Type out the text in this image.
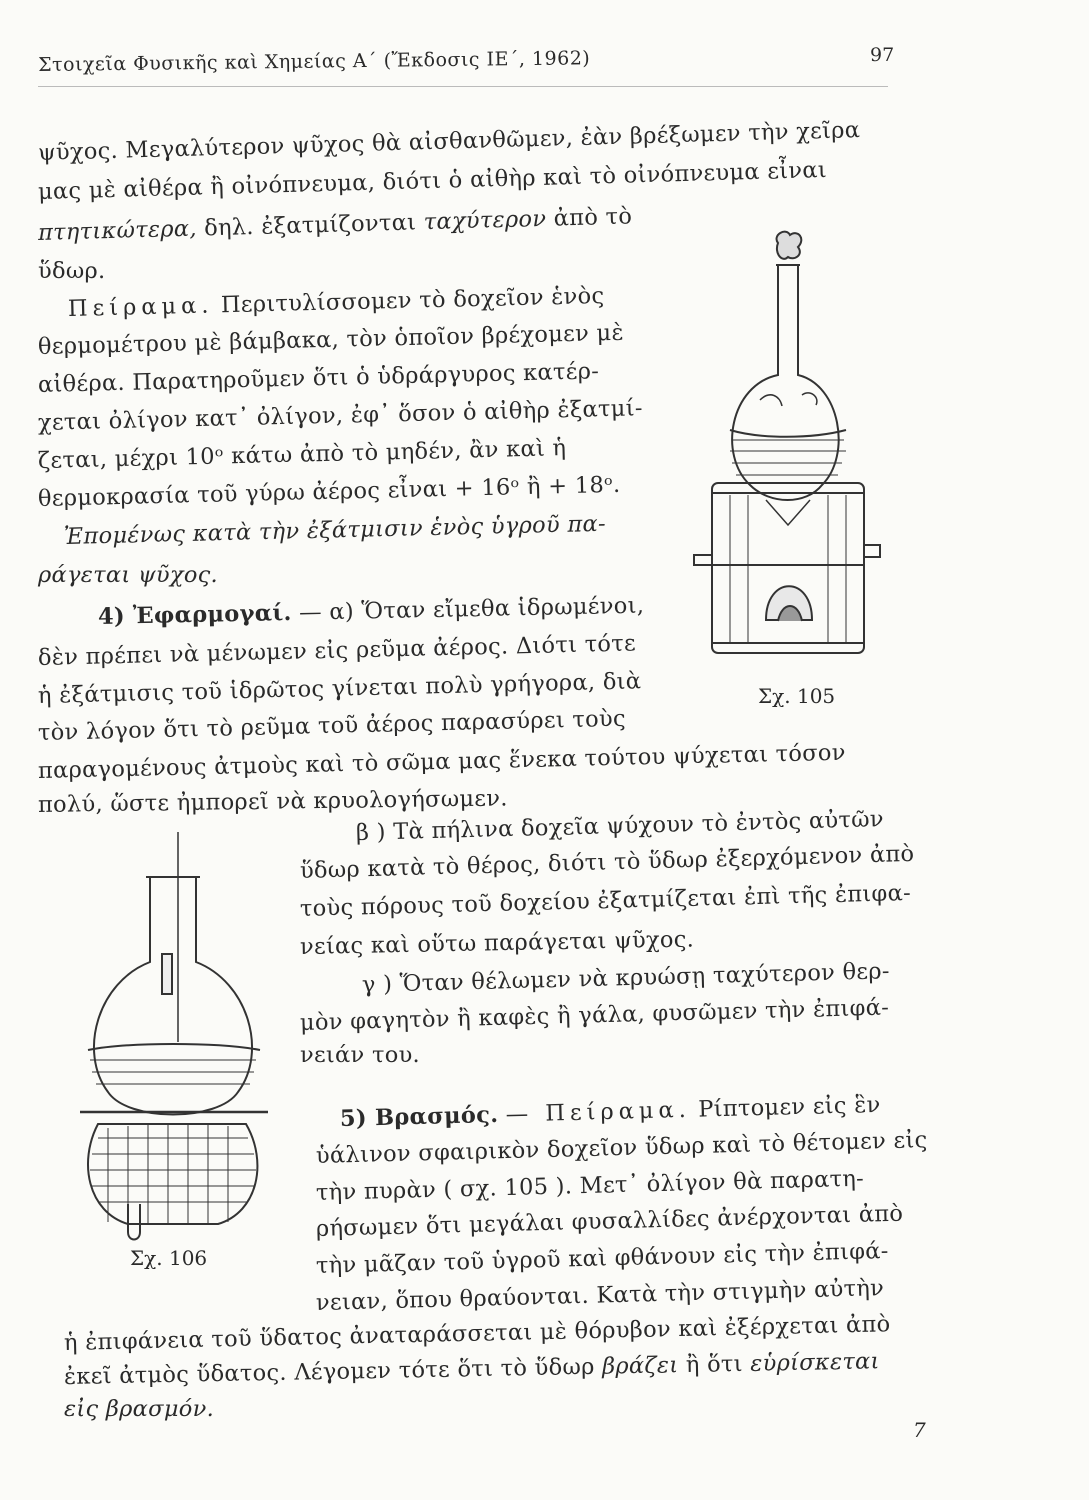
Στοιχεῖα Φυσικῆς καὶ Χημείας Α΄ (Ἔκδοσις ΙΕ΄, 1962)	97
ψῦχος. Μεγαλύτερον ψῦχος θὰ αἰσθανθῶμεν, ἐὰν βρέξωμεν τὴν χεῖρα
μας μὲ αἰθέρα ἢ οἰνόπνευμα, διότι ὁ αἰθὴρ καὶ τὸ οἰνόπνευμα εἶναι
πτητικώτερα, δηλ. ἐξατμίζονται ταχύτερον ἀπὸ τὸ
ὕδωρ.
Πείραμα. Περιτυλίσσομεν τὸ δοχεῖον ἑνὸς
θερμομέτρου μὲ βάμβακα, τὸν ὁποῖον βρέχομεν μὲ
αἰθέρα. Παρατηροῦμεν ὅτι ὁ ὑδράργυρος κατέρ-
χεται ὀλίγον κατ᾽ ὀλίγον, ἐφ᾽ ὅσον ὁ αἰθὴρ ἐξατμί-
ζεται, μέχρι 10ᵒ κάτω ἀπὸ τὸ μηδέν, ἂν καὶ ἡ
θερμοκρασία τοῦ γύρω ἀέρος εἶναι + 16ᵒ ἢ + 18ᵒ.
Ἐπομένως κατὰ τὴν ἐξάτμισιν ἑνὸς ὑγροῦ πα-
ράγεται ψῦχος.
4) Ἐφαρμογαί. — α) Ὅταν εἴμεθα ἱδρωμένοι,
δὲν πρέπει νὰ μένωμεν εἰς ρεῦμα ἀέρος. Διότι τότε
ἡ ἐξάτμισις τοῦ ἱδρῶτος γίνεται πολὺ γρήγορα, διὰ
τὸν λόγον ὅτι τὸ ρεῦμα τοῦ ἀέρος παρασύρει τοὺς
παραγομένους ἀτμοὺς καὶ τὸ σῶμα μας ἕνεκα τούτου ψύχεται τόσον
πολύ, ὥστε ἠμπορεῖ νὰ κρυολογήσωμεν.
β ) Τὰ πήλινα δοχεῖα ψύχουν τὸ ἐντὸς αὐτῶν
ὕδωρ κατὰ τὸ θέρος, διότι τὸ ὕδωρ ἐξερχόμενον ἀπὸ
τοὺς πόρους τοῦ δοχείου ἐξατμίζεται ἐπὶ τῆς ἐπιφα-
νείας καὶ οὕτω παράγεται ψῦχος.
γ ) Ὅταν θέλωμεν νὰ κρυώσῃ ταχύτερον θερ-
μὸν φαγητὸν ἢ καφὲς ἢ γάλα, φυσῶμεν τὴν ἐπιφά-
νειάν του.
5) Βρασμός. — Πείραμα. Ρίπτομεν εἰς ἓν
ὑάλινον σφαιρικὸν δοχεῖον ὕδωρ καὶ τὸ θέτομεν εἰς
τὴν πυρὰν ( σχ. 105 ). Μετ᾽ ὀλίγον θὰ παρατη-
ρήσωμεν ὅτι μεγάλαι φυσαλλίδες ἀνέρχονται ἀπὸ
τὴν μᾶζαν τοῦ ὑγροῦ καὶ φθάνουν εἰς τὴν ἐπιφά-
νειαν, ὅπου θραύονται. Κατὰ τὴν στιγμὴν αὐτὴν
ἡ ἐπιφάνεια τοῦ ὕδατος ἀναταράσσεται μὲ θόρυβον καὶ ἐξέρχεται ἀπὸ
ἐκεῖ ἀτμὸς ὕδατος. Λέγομεν τότε ὅτι τὸ ὕδωρ βράζει ἢ ὅτι εὑρίσκεται
εἰς βρασμόν.
Σχ. 105
Σχ. 106
7
